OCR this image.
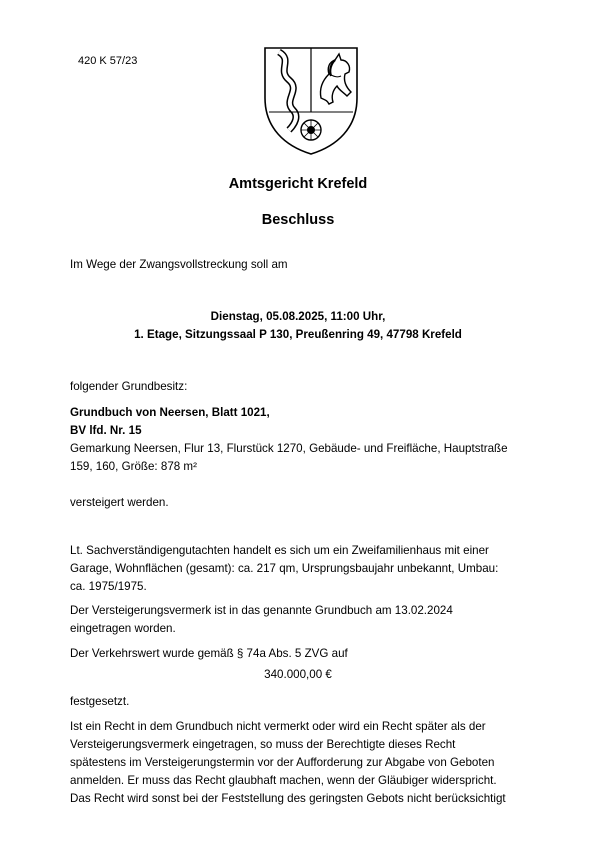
420 K 57/23
Amtsgericht Krefeld
Beschluss
Im Wege der Zwangsvollstreckung soll am
Dienstag, 05.08.2025, 11:00 Uhr,
1. Etage, Sitzungssaal P 130, Preußenring 49, 47798 Krefeld
folgender Grundbesitz:
Grundbuch von Neersen, Blatt 1021,
BV lfd. Nr. 15
Gemarkung Neersen, Flur 13, Flurstück 1270, Gebäude- und Freifläche, Hauptstraße
159, 160, Größe: 878 m²
versteigert werden.
Lt. Sachverständigengutachten handelt es sich um ein Zweifamilienhaus mit einer
Garage, Wohnflächen (gesamt): ca. 217 qm, Ursprungsbaujahr unbekannt, Umbau:
ca. 1975/1975.
Der Versteigerungsvermerk ist in das genannte Grundbuch am 13.02.2024
eingetragen worden.
Der Verkehrswert wurde gemäß § 74a Abs. 5 ZVG auf
340.000,00 €
festgesetzt.
Ist ein Recht in dem Grundbuch nicht vermerkt oder wird ein Recht später als der
Versteigerungsvermerk eingetragen, so muss der Berechtigte dieses Recht
spätestens im Versteigerungstermin vor der Aufforderung zur Abgabe von Geboten
anmelden. Er muss das Recht glaubhaft machen, wenn der Gläubiger widerspricht.
Das Recht wird sonst bei der Feststellung des geringsten Gebots nicht berücksichtigt
